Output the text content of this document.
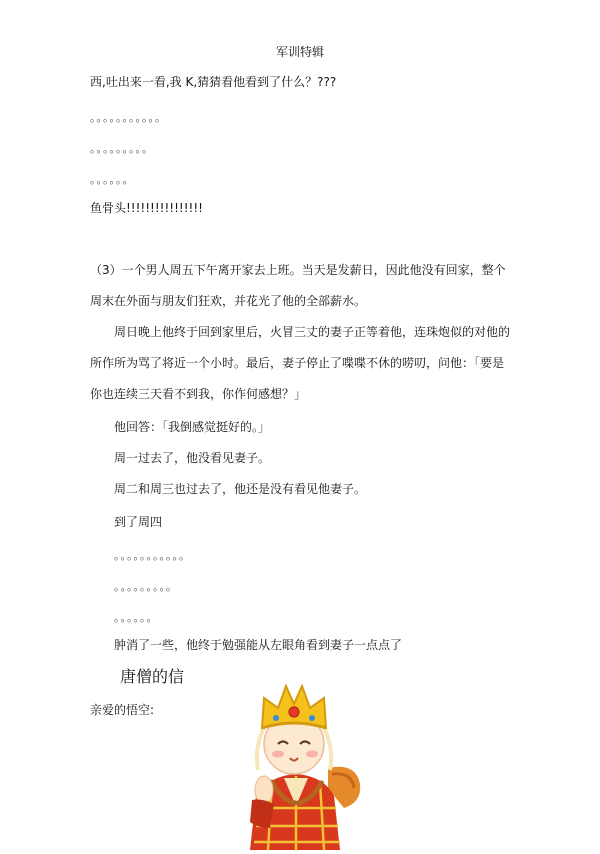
军训特辑
西,吐出来一看,我 K,猜猜看他看到了什么？???
。。。。。。。。。。。
。。。。。。。。。
。。。。。。
鱼骨头!!!!!!!!!!!!!!!!
（3）一个男人周五下午离开家去上班。当天是发薪日，因此他没有回家，整个
周末在外面与朋友们狂欢，并花光了他的全部薪水。
周日晚上他终于回到家里后，火冒三丈的妻子正等着他，连珠炮似的对他的
所作所为骂了将近一个小时。最后，妻子停止了喋喋不休的唠叨，问他：「要是
你也连续三天看不到我，你作何感想？」
他回答：「我倒感觉挺好的。」
周一过去了，他没看见妻子。
周二和周三也过去了，他还是没有看见他妻子。
到了周四
。。。。。。。。。。。
。。。。。。。。。
。。。。。。
肿消了一些，他终于勉强能从左眼角看到妻子一点点了
唐僧的信
亲爱的悟空:
